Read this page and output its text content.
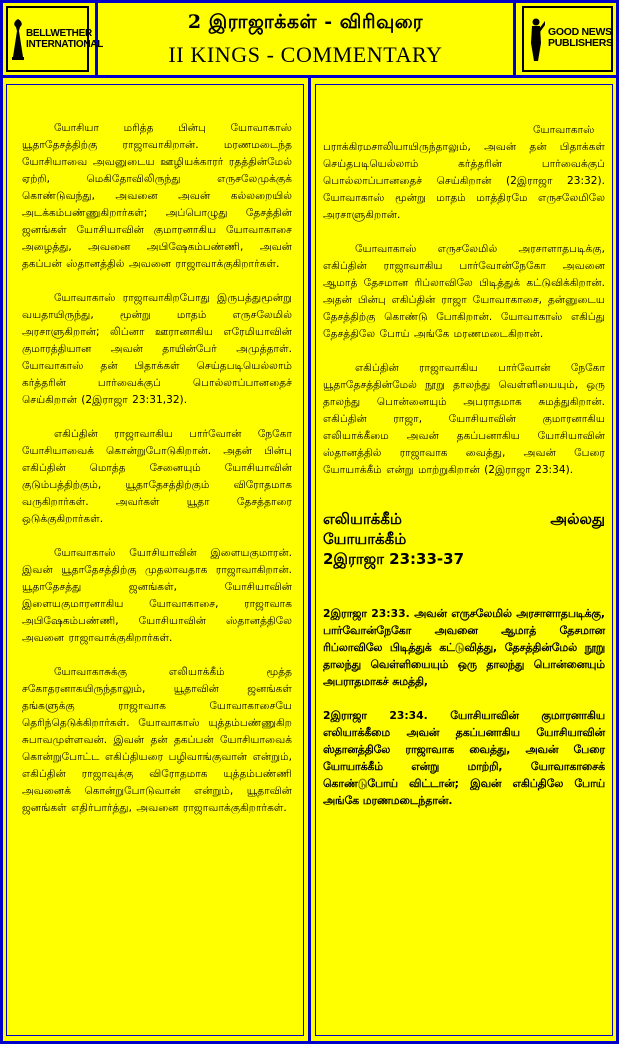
BELLWETHER
INTERNATIONAL
2 இராஜாக்கள் - விரிவுரை
II KINGS - COMMENTARY
GOOD NEWS
PUBLISHERS

யோசியா மரித்த பின்பு யோவாகாஸ் யூதாதேசத்திற்கு ராஜாவாகிறான். மரணமடைந்த யோசியாவை அவனுடைய ஊழியக்காரர் ரதத்தின்மேல் ஏற்றி, மெகிதோவிலிருந்து எருசலேமுக்குக் கொண்டுவந்து, அவனை அவன் கல்லறையில் அடக்கம்பண்ணுகிறார்கள்; அப்பொழுது தேசத்தின் ஜனங்கள் யோசியாவின் குமாரனாகிய யோவாகாசை அழைத்து, அவனை அபிஷேகம்பண்ணி, அவன் தகப்பன் ஸ்தானத்தில் அவனை ராஜாவாக்குகிறார்கள்.

யோவாகாஸ் ராஜாவாகிறபோது இருபத்துமூன்று வயதாயிருந்து, மூன்று மாதம் எருசலேமில் அரசாளுகிறான்; லிப்னா ஊரானாகிய எரேமியாவின் குமாரத்தியான அவன் தாயின்பேர் அமுத்தாள். யோவாகாஸ் தன் பிதாக்கள் செய்தபடியெல்லாம் கர்த்தரின் பார்வைக்குப் பொல்லாப்பானதைச் செய்கிறான் (2இராஜா 23:31,32).

எகிப்தின் ராஜாவாகிய பார்வோன் நேகோ யோசியாவைக் கொன்றுபோடுகிறான். அதன் பின்பு எகிப்தின் மொத்த சேனையும் யோசியாவின் குடும்பத்திற்கும், யூதாதேசத்திற்கும் விரோதமாக வருகிறார்கள். அவர்கள் யூதா தேசத்தாரை ஒடுக்குகிறார்கள்.

யோவாகாஸ் யோசியாவின் இளையகுமாரன். இவன் யூதாதேசத்திற்கு முதலாவதாக ராஜாவாகிறான். யூதாதேசத்து ஜனங்கள், யோசியாவின் இளையகுமாரனாகிய யோவாகாசை, ராஜாவாக அபிஷேகம்பண்ணி, யோசியாவின் ஸ்தானத்திலே அவனை ராஜாவாக்குகிறார்கள்.

யோவாகாசுக்கு எலியாக்கீம் மூத்த சகோதரனாகயிருந்தாலும், யூதாவின் ஜனங்கள் தங்களுக்கு ராஜாவாக யோவாகாசையே தெரிந்தெடுக்கிறார்கள். யோவாகாஸ் யுத்தம்பண்ணுகிற சுபாவமுள்ளவன். இவன் தன் தகப்பன் யோசியாவைக் கொன்றுபோட்ட எகிப்தியரை பழிவாங்குவான் என்றும், எகிப்தின் ராஜாவுக்கு விரோதமாக யுத்தம்பண்ணி அவனைக் கொன்றுபோடுவான் என்றும், யூதாவின் ஜனங்கள் எதிர்பார்த்து, அவனை ராஜாவாக்குகிறார்கள்.

யோவாகாஸ் பராக்கிரமசாலியாயிருந்தாலும், அவன் தன் பிதாக்கள் செய்தபடியெல்லாம் கர்த்தரின் பார்வைக்குப் பொல்லாப்பானதைச் செய்கிறான் (2இராஜா 23:32). யோவாகாஸ் மூன்று மாதம் மாத்திரமே எருசலேமிலே அரசாளுகிறான்.

யோவாகாஸ் எருசலேமில் அரசாளாதபடிக்கு, எகிப்தின் ராஜாவாகிய பார்வோன்நேகோ அவனை ஆமாத் தேசமான ரிப்லாவிலே பிடித்துக் கட்டுவிக்கிறான். அதன் பின்பு எகிப்தின் ராஜா யோவாகாசை, தன்னுடைய தேசத்திற்கு கொண்டு போகிறான். யோவாகாஸ் எகிப்து தேசத்திலே போய் அங்கே மரணமடைகிறான்.

எகிப்தின் ராஜாவாகிய பார்வோன் நேகோ யூதாதேசத்தின்மேல் நூறு தாலந்து வெள்ளியையும், ஒரு தாலந்து பொன்னையும் அபராதமாக சுமத்துகிறான். எகிப்தின் ராஜா, யோசியாவின் குமாரனாகிய எலியாக்கீமை அவன் தகப்பனாகிய யோசியாவின் ஸ்தானத்தில் ராஜாவாக வைத்து, அவன் பேரை யோயாக்கீம் என்று மாற்றுகிறான் (2இராஜா 23:34).

எலியாக்கீம் அல்லது
யோயாக்கீம்
2இராஜா 23:33-37

2இராஜா 23:33. அவன் எருசலேமில் அரசாளாதபடிக்கு, பார்வோன்நேகோ அவனை ஆமாத் தேசமான ரிப்லாவிலே பிடித்துக் கட்டுவித்து, தேசத்தின்மேல் நூறு தாலந்து வெள்ளியையும் ஒரு தாலந்து பொன்னையும் அபராதமாகச் சுமத்தி,

2இராஜா 23:34. யோசியாவின் குமாரனாகிய எலியாக்கீமை அவன் தகப்பனாகிய யோசியாவின் ஸ்தானத்திலே ராஜாவாக வைத்து, அவன் பேரை யோயாக்கீம் என்று மாற்றி, யோவாகாசைக் கொண்டுபோய் விட்டான்; இவன் எகிப்திலே போய் அங்கே மரணமடைந்தான்.
